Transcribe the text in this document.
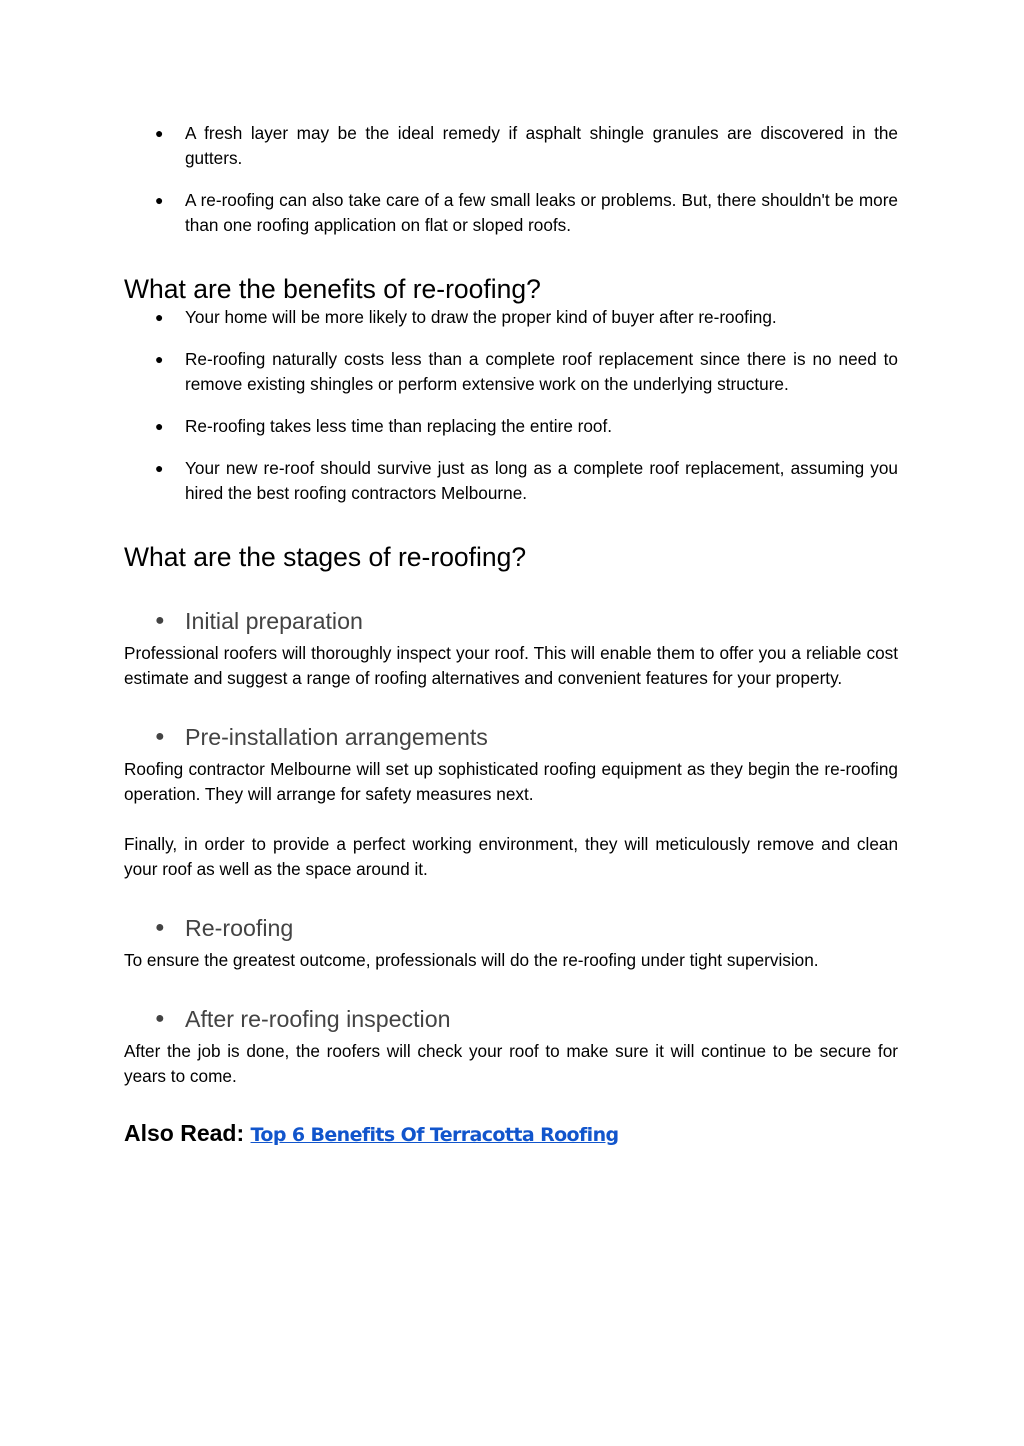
● A fresh layer may be the ideal remedy if asphalt shingle granules are discovered in the gutters.
● A re-roofing can also take care of a few small leaks or problems. But, there shouldn't be more than one roofing application on flat or sloped roofs.
What are the benefits of re-roofing?
● Your home will be more likely to draw the proper kind of buyer after re-roofing.
● Re-roofing naturally costs less than a complete roof replacement since there is no need to remove existing shingles or perform extensive work on the underlying structure.
● Re-roofing takes less time than replacing the entire roof.
● Your new re-roof should survive just as long as a complete roof replacement, assuming you hired the best roofing contractors Melbourne.
What are the stages of re-roofing?
● Initial preparation

Professional roofers will thoroughly inspect your roof. This will enable them to offer you a reliable cost estimate and suggest a range of roofing alternatives and convenient features for your property.

● Pre-installation arrangements

Roofing contractor Melbourne will set up sophisticated roofing equipment as they begin the re-roofing operation. They will arrange for safety measures next.

Finally, in order to provide a perfect working environment, they will meticulously remove and clean your roof as well as the space around it.

● Re-roofing

To ensure the greatest outcome, professionals will do the re-roofing under tight supervision.

● After re-roofing inspection

After the job is done, the roofers will check your roof to make sure it will continue to be secure for years to come.

Also Read: Top 6 Benefits Of Terracotta Roofing
